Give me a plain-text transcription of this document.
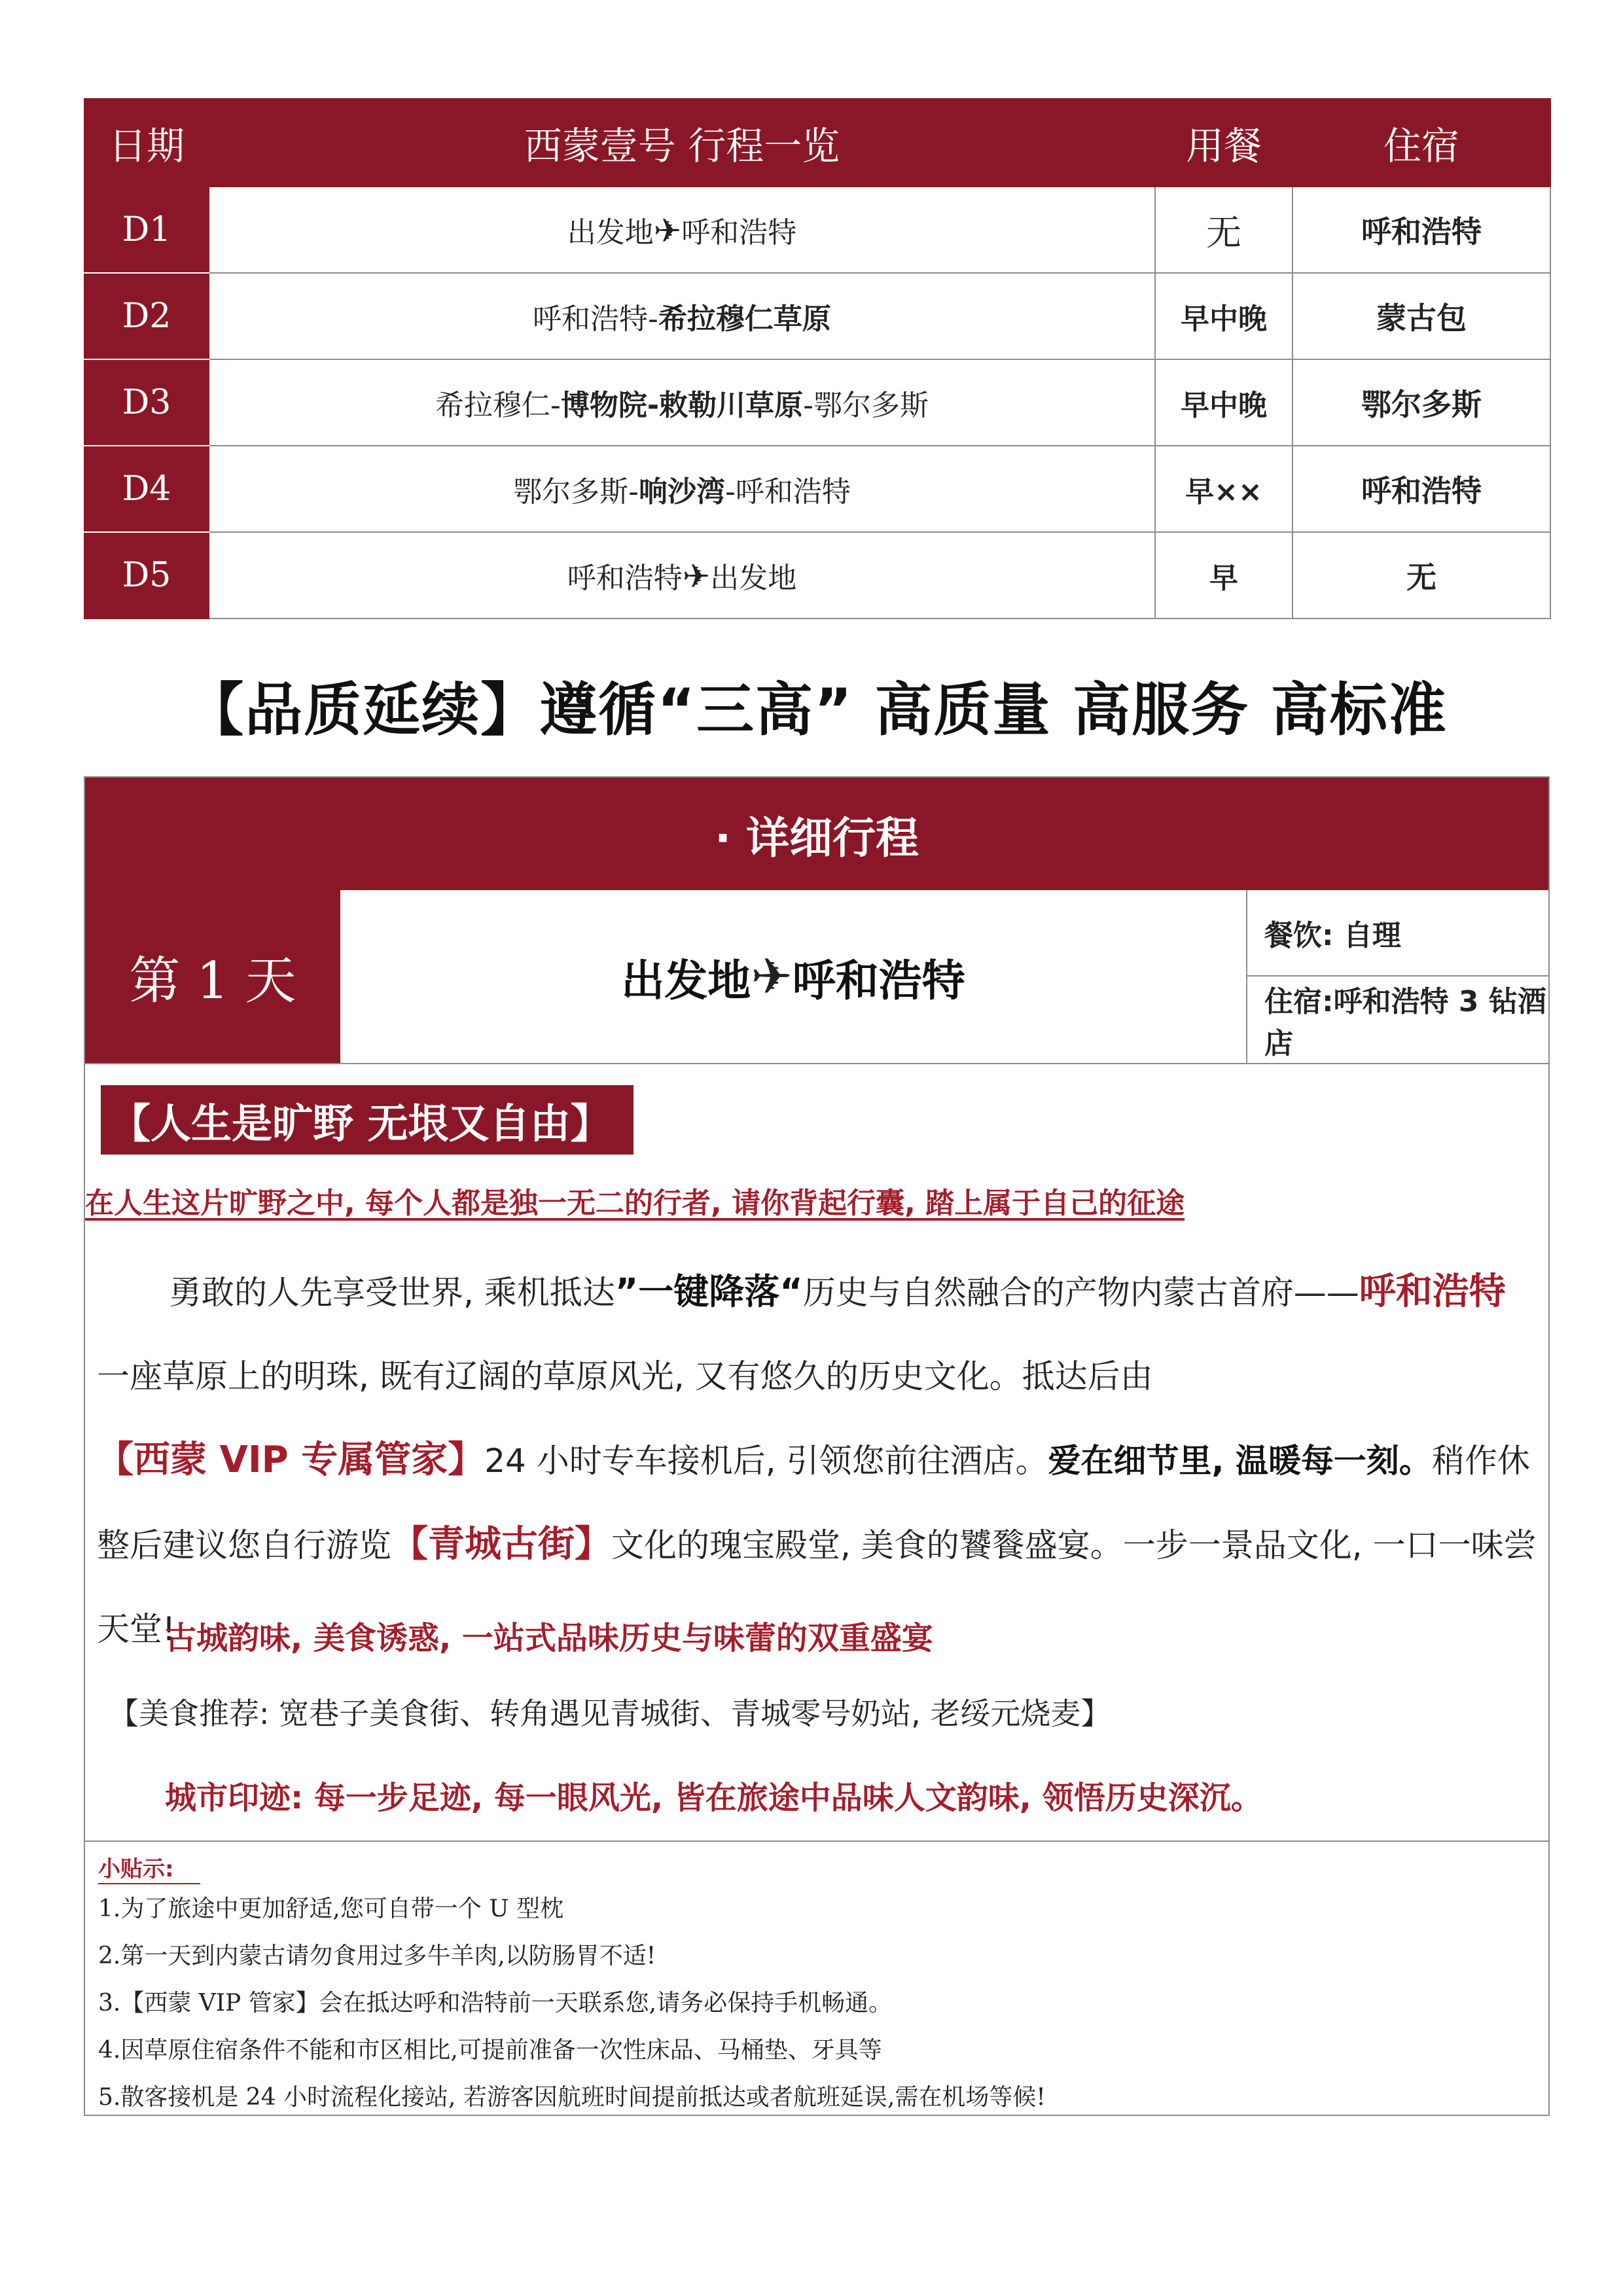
日期	西蒙壹号 行程一览	用餐	住宿
D1	出发地✈呼和浩特	无	呼和浩特
D2	呼和浩特-希拉穆仁草原	早中晚	蒙古包
D3	希拉穆仁-博物院-敕勒川草原-鄂尔多斯	早中晚	鄂尔多斯
D4	鄂尔多斯-响沙湾-呼和浩特	早××	呼和浩特
D5	呼和浩特✈出发地	早	无
【品质延续】遵循“三高” 高质量 高服务 高标准
· 详细行程
第 1 天	出发地 ✈ 呼和浩特
餐饮: 自理
住宿:呼和浩特 3 钻酒店
【人生是旷野 无垠又自由】
在人生这片旷野之中, 每个人都是独一无二的行者, 请你背起行囊, 踏上属于自己的征途
勇敢的人先享受世界, 乘机抵达”一键降落“历史与自然融合的产物内蒙古首府——呼和浩特一座草原上的明珠, 既有辽阔的草原风光, 又有悠久的历史文化。抵达后由【西蒙 VIP 专属管家】24 小时专车接机后, 引领您前往酒店。爱在细节里, 温暖每一刻。稍作休整后建议您自行游览【青城古街】文化的瑰宝殿堂, 美食的饕餮盛宴。一步一景品文化, 一口一味尝天堂!
古城韵味, 美食诱惑, 一站式品味历史与味蕾的双重盛宴
【美食推荐: 宽巷子美食街、转角遇见青城街、青城零号奶站, 老绥元烧麦】
城市印迹: 每一步足迹, 每一眼风光, 皆在旅途中品味人文韵味, 领悟历史深沉。
小贴示:
1.为了旅途中更加舒适,您可自带一个 U 型枕
2.第一天到内蒙古请勿食用过多牛羊肉,以防肠胃不适!
3.【西蒙 VIP 管家】会在抵达呼和浩特前一天联系您,请务必保持手机畅通。
4.因草原住宿条件不能和市区相比,可提前准备一次性床品、马桶垫、牙具等
5.散客接机是 24 小时流程化接站, 若游客因航班时间提前抵达或者航班延误,需在机场等候!
